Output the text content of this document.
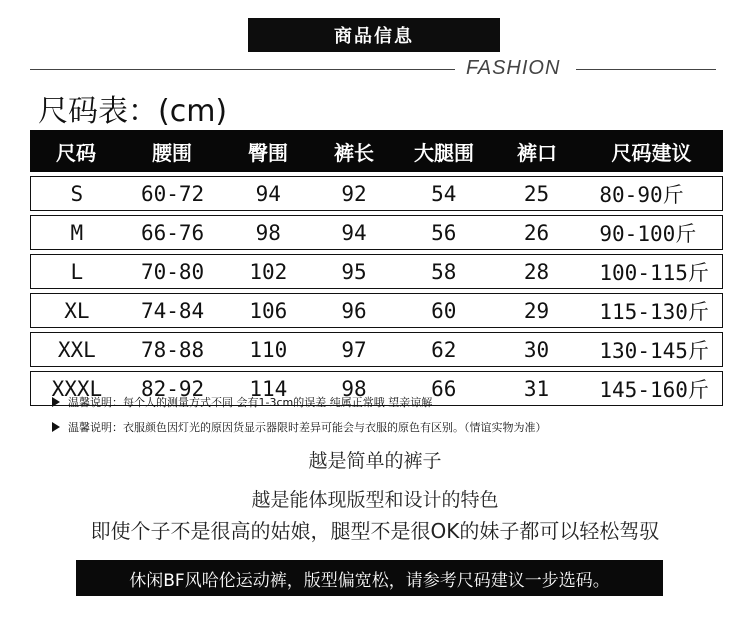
商品信息
FASHION
尺码表：(cm)
尺码	腰围	臀围	裤长	大腿围	裤口	尺码建议
S	60-72	94	92	54	25	80-90斤
M	66-76	98	94	56	26	90-100斤
L	70-80	102	95	58	28	100-115斤
XL	74-84	106	96	60	29	115-130斤
XXL	78-88	110	97	62	30	130-145斤
XXXL	82-92	114	98	66	31	145-160斤
温馨说明：每个人的测量方式不同 会有1-3cm的误差 纯属正常哦 望亲谅解
温馨说明：衣服颜色因灯光的原因货显示器限时差异可能会与衣服的原色有区别。（情谊实物为准）
越是简单的裤子
越是能体现版型和设计的特色
即使个子不是很高的姑娘，腿型不是很OK的妹子都可以轻松驾驭
休闲BF风哈伦运动裤，版型偏宽松，请参考尺码建议一步选码。
